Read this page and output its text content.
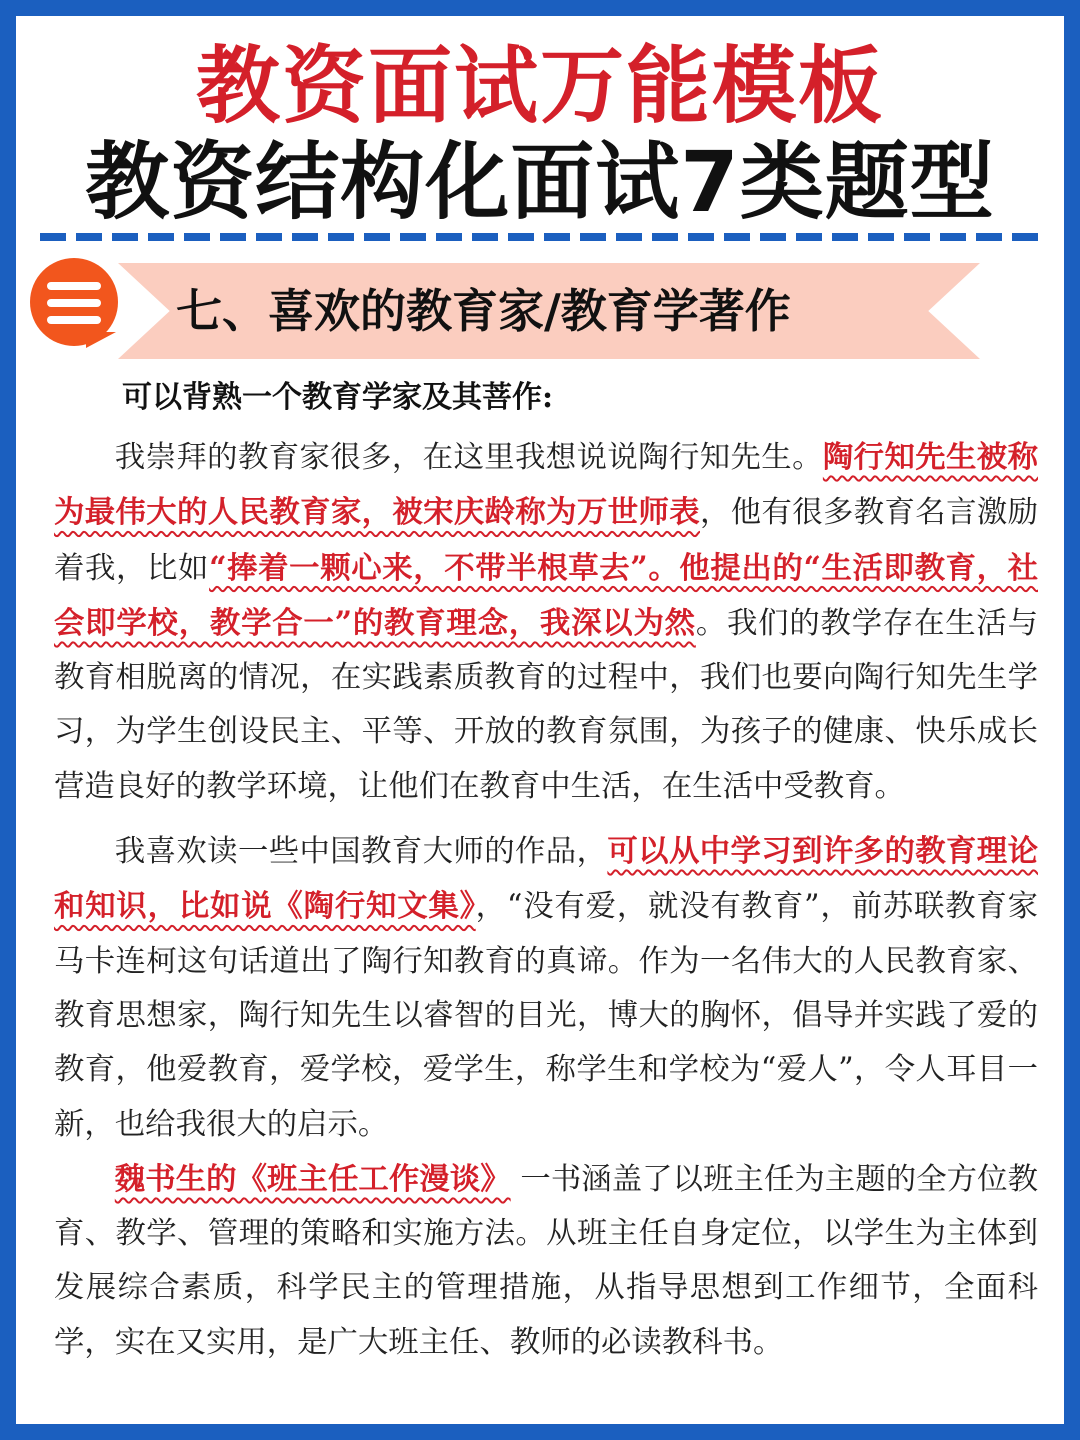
教资面试万能模板
教资结构化面试7类题型
七、喜欢的教育家/教育学著作
可以背熟一个教育学家及其菩作:

我崇拜的教育家很多，在这里我想说说陶行知先生。陶行知先生被称为最伟大的人民教育家，被宋庆龄称为万世师表，他有很多教育名言激励着我，比如“捧着一颗心来，不带半根草去”。他提出的“生活即教育，社会即学校，教学合一”的教育理念，我深以为然。我们的教学存在生活与教育相脱离的情况，在实践素质教育的过程中，我们也要向陶行知先生学习，为学生创设民主、平等、开放的教育氛围，为孩子的健康、快乐成长营造良好的教学环境，让他们在教育中生活，在生活中受教育。

我喜欢读一些中国教育大师的作品，可以从中学习到许多的教育理论和知识，比如说《陶行知文集》，“没有爱，就没有教育”，前苏联教育家马卡连柯这句话道出了陶行知教育的真谛。作为一名伟大的人民教育家、教育思想家，陶行知先生以睿智的目光，博大的胸怀，倡导并实践了爱的教育，他爱教育，爱学校，爱学生，称学生和学校为“爱人”，令人耳目一新，也给我很大的启示。

魏书生的《班主任工作漫谈》 一书涵盖了以班主任为主题的全方位教育、教学、管理的策略和实施方法。从班主任自身定位，以学生为主体到发展综合素质，科学民主的管理措施，从指导思想到工作细节，全面科学，实在又实用，是广大班主任、教师的必读教科书。
